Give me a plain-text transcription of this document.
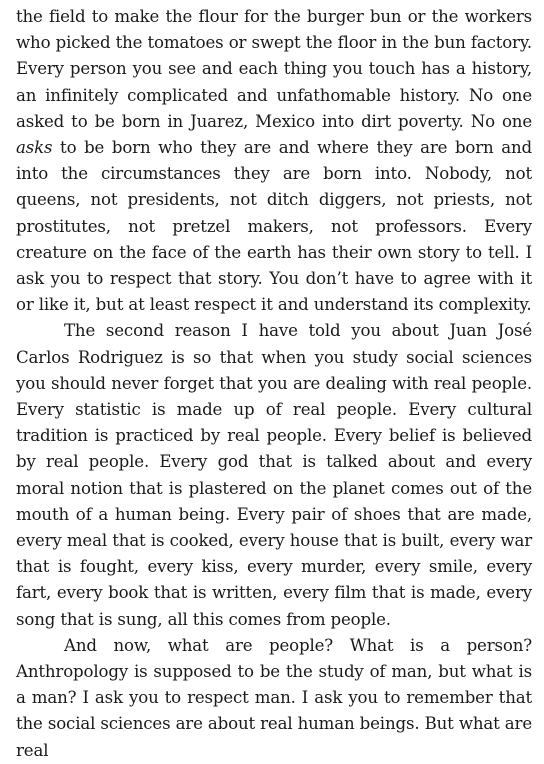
the field to make the flour for the burger bun or the workers who picked the tomatoes or swept the floor in the bun factory. Every person you see and each thing you touch has a history, an infinitely complicated and unfathomable history. No one asked to be born in Juarez, Mexico into dirt poverty. No one asks to be born who they are and where they are born and into the circumstances they are born into. Nobody, not queens, not presidents, not ditch diggers, not priests, not prostitutes, not pretzel makers, not professors. Every creature on the face of the earth has their own story to tell. I ask you to respect that story. You don’t have to agree with it or like it, but at least respect it and understand its complexity.

The second reason I have told you about Juan José Carlos Rodriguez is so that when you study social sciences you should never forget that you are dealing with real people. Every statistic is made up of real people. Every cultural tradition is practiced by real people. Every belief is believed by real people. Every god that is talked about and every moral notion that is plastered on the planet comes out of the mouth of a human being. Every pair of shoes that are made, every meal that is cooked, every house that is built, every war that is fought, every kiss, every murder, every smile, every fart, every book that is written, every film that is made, every song that is sung, all this comes from people.

And now, what are people? What is a person? Anthropology is supposed to be the study of man, but what is a man? I ask you to respect man. I ask you to remember that the social sciences are about real human beings. But what are real
